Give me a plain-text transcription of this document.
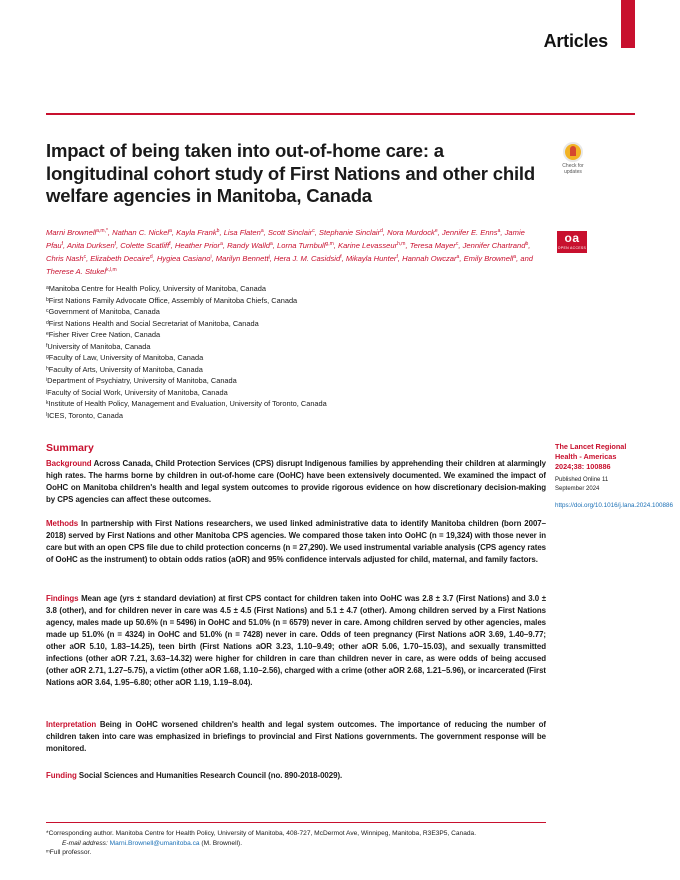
Articles
Impact of being taken into out-of-home care: a longitudinal cohort study of First Nations and other child welfare agencies in Manitoba, Canada
Check for updates
oa
OPEN ACCESS
Marni Brownell$^{a,m,*}$, Nathan C. Nickel$^a$, Kayla Frank$^b$, Lisa Flaten$^a$, Scott Sinclair$^c$, Stephanie Sinclair$^d$, Nora Murdock$^e$, Jennifer E. Enns$^a$, Jamie Pfau$^f$, Anita Durksen$^f$, Colette Scatliff$^f$, Heather Prior$^a$, Randy Walld$^a$, Lorna Turnbull$^{g,m}$, Karine Levasseur$^{h,m}$, Teresa Mayer$^c$, Jennifer Chartrand$^b$, Chris Nash$^c$, Elizabeth Decaire$^d$, Hygiea Casiano$^i$, Marilyn Bennett$^j$, Hera J. M. Casidsid$^f$, Mikayla Hunter$^f$, Hannah Owczar$^a$, Emily Brownell$^a$, and Therese A. Stukel$^{k,l,m}$
$^a$Manitoba Centre for Health Policy, University of Manitoba, Canada
$^b$First Nations Family Advocate Office, Assembly of Manitoba Chiefs, Canada
$^c$Government of Manitoba, Canada
$^d$First Nations Health and Social Secretariat of Manitoba, Canada
$^e$Fisher River Cree Nation, Canada
$^f$University of Manitoba, Canada
$^g$Faculty of Law, University of Manitoba, Canada
$^h$Faculty of Arts, University of Manitoba, Canada
$^i$Department of Psychiatry, University of Manitoba, Canada
$^j$Faculty of Social Work, University of Manitoba, Canada
$^k$Institute of Health Policy, Management and Evaluation, University of Toronto, Canada
$^l$ICES, Toronto, Canada
Summary

Background Across Canada, Child Protection Services (CPS) disrupt Indigenous families by apprehending their children at alarmingly high rates. The harms borne by children in out-of-home care (OoHC) have been extensively documented. We examined the impact of OoHC on Manitoba children's health and legal system outcomes to provide rigorous evidence on how discretionary decision-making by CPS agencies can affect these outcomes.

Methods In partnership with First Nations researchers, we used linked administrative data to identify Manitoba children (born 2007–2018) served by First Nations and other Manitoba CPS agencies. We compared those taken into OoHC (n = 19,324) with those never in care but with an open CPS file due to child protection concerns (n = 27,290). We used instrumental variable analysis (CPS agency rates of OoHC as the instrument) to obtain odds ratios (aOR) and 95% confidence intervals adjusted for child, maternal, and family factors.

Findings Mean age (yrs ± standard deviation) at first CPS contact for children taken into OoHC was 2.8 ± 3.7 (First Nations) and 3.0 ± 3.8 (other), and for children never in care was 4.5 ± 4.5 (First Nations) and 5.1 ± 4.7 (other). Among children served by a First Nations agency, males made up 50.6% (n = 5496) in OoHC and 51.0% (n = 6579) never in care. Among children served by other agencies, males made up 51.0% (n = 4324) in OoHC and 51.0% (n = 7428) never in care. Odds of teen pregnancy (First Nations aOR 3.69, 1.40–9.77; other aOR 5.10, 1.83–14.25), teen birth (First Nations aOR 3.23, 1.10–9.49; other aOR 5.06, 1.70–15.03), and sexually transmitted infections (other aOR 7.21, 3.63–14.32) were higher for children in care than children never in care, as were odds of being accused (other aOR 2.71, 1.27–5.75), a victim (other aOR 1.68, 1.10–2.56), charged with a crime (other aOR 2.68, 1.21–5.96), or incarcerated (First Nations aOR 3.64, 1.95–6.80; other aOR 1.19, 1.19–8.04).

Interpretation Being in OoHC worsened children's health and legal system outcomes. The importance of reducing the number of children taken into care was emphasized in briefings to provincial and First Nations governments. The government response will be monitored.

Funding Social Sciences and Humanities Research Council (no. 890-2018-0029).

The Lancet Regional Health - Americas
2024;38: 100886
Published Online 11 September 2024
https://doi.org/10.1016/j.lana.2024.100886
*Corresponding author. Manitoba Centre for Health Policy, University of Manitoba, 408-727, McDermot Ave, Winnipeg, Manitoba, R3E3P5, Canada.
E-mail address: Marni.Brownell@umanitoba.ca (M. Brownell).
ᵐFull professor.
